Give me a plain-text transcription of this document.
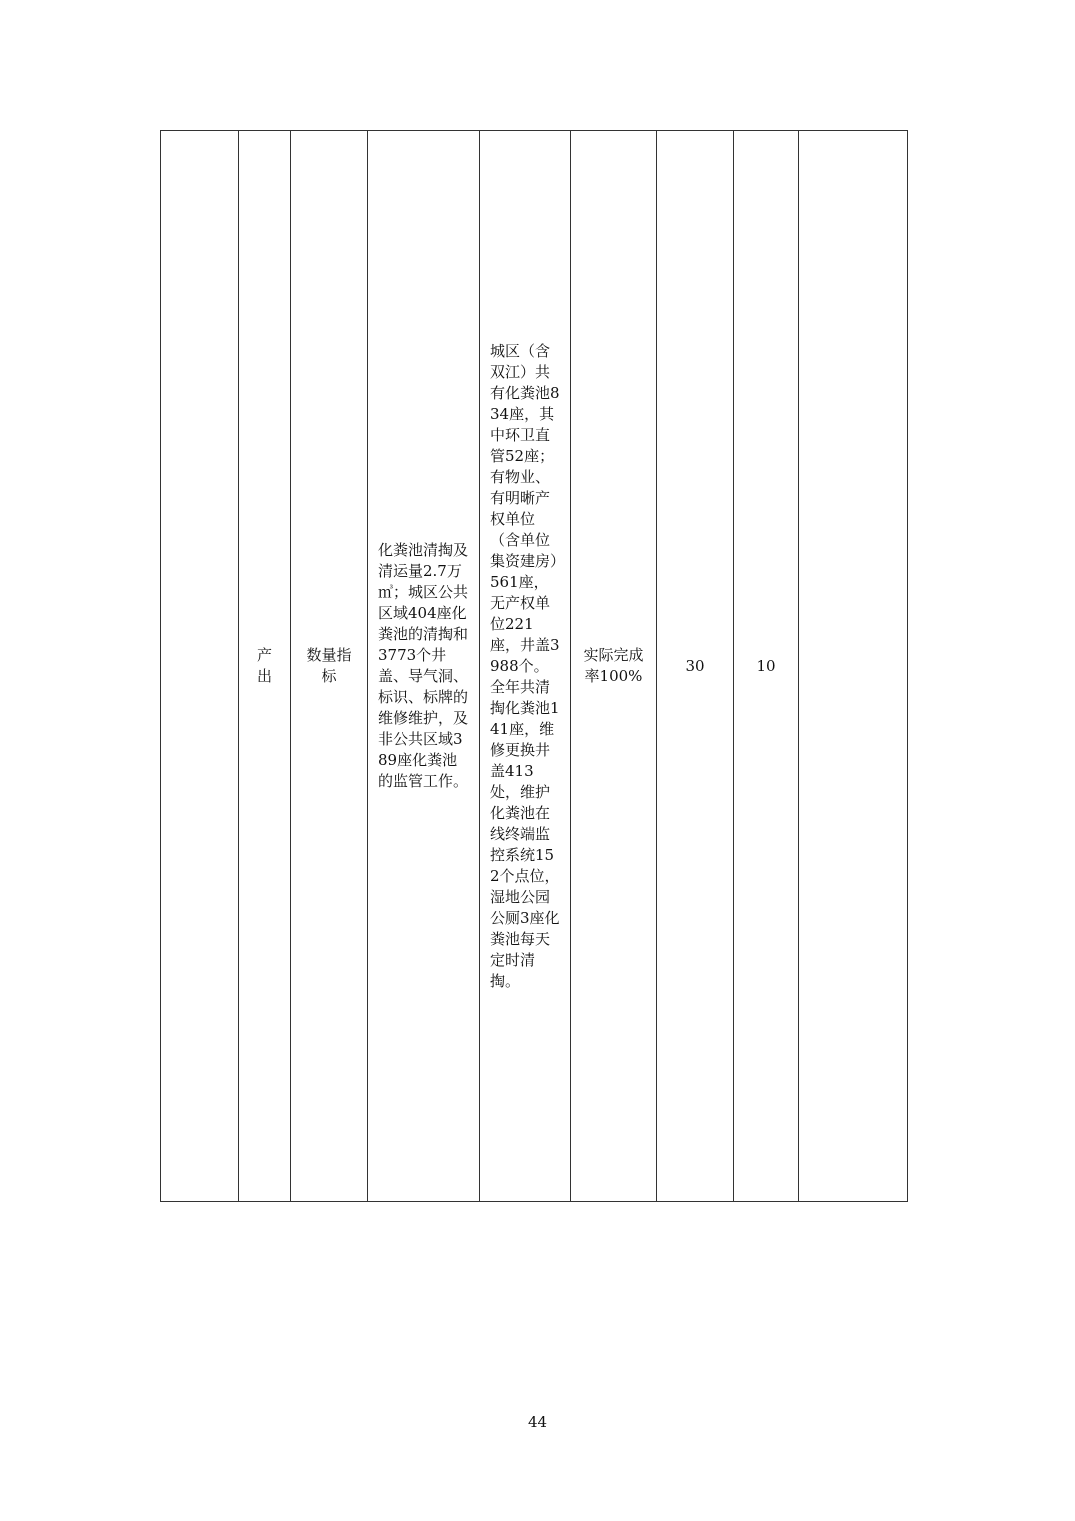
	产出	数量指标	化粪池清掏及清运量2.7万㎥；城区公共区域404座化粪池的清掏和3773个井盖、导气洞、标识、标牌的维修维护，及非公共区域389座化粪池的监管工作。	城区（含双江）共有化粪池834座，其中环卫直管52座；有物业、有明晰产权单位（含单位集资建房）561座，无产权单位221座，井盖3988个。全年共清掏化粪池141座，维修更换井盖413处，维护化粪池在线终端监控系统152个点位，湿地公园公厕3座化粪池每天定时清掏。	实际完成率100%	30	10	
44
